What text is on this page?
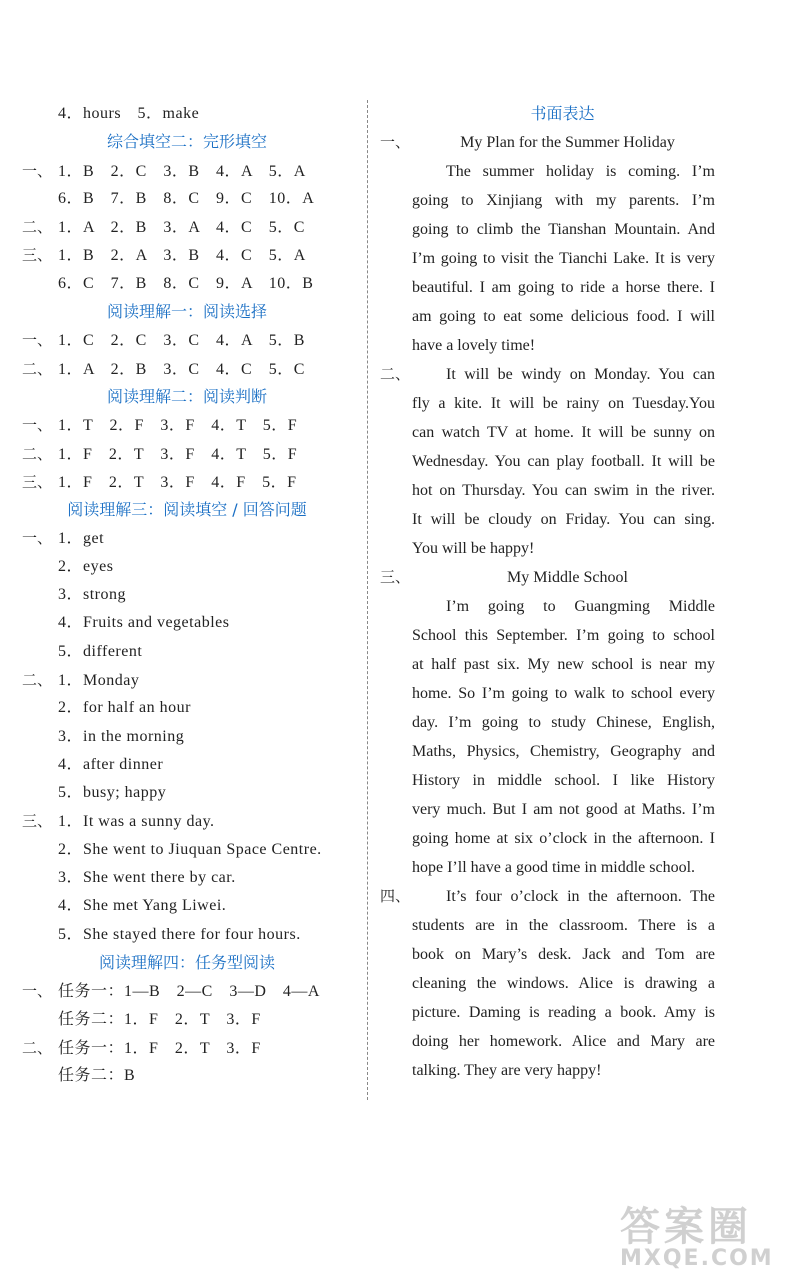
4．hours　5．make
综合填空二：完形填空
一、 1．B　2．C　3．B　4．A　5．A
6．B　7．B　8．C　9．C　10．A
二、 1．A　2．B　3．A　4．C　5．C
三、 1．B　2．A　3．B　4．C　5．A
6．C　7．B　8．C　9．A　10．B
阅读理解一：阅读选择
一、 1．C　2．C　3．C　4．A　5．B
二、 1．A　2．B　3．C　4．C　5．C
阅读理解二：阅读判断
一、 1．T　2．F　3．F　4．T　5．F
二、 1．F　2．T　3．F　4．T　5．F
三、 1．F　2．T　3．F　4．F　5．F
阅读理解三：阅读填空 / 回答问题
一、 1．get
2．eyes
3．strong
4．Fruits and vegetables
5．different
二、 1．Monday
2．for half an hour
3．in the morning
4．after dinner
5．busy; happy
三、 1．It was a sunny day.
2．She went to Jiuquan Space Centre.
3．She went there by car.
4．She met Yang Liwei.
5．She stayed there for four hours.
阅读理解四：任务型阅读
一、 任务一：1—B　2—C　3—D　4—A
任务二：1．F　2．T　3．F
二、 任务一：1．F　2．T　3．F
任务二：B
书面表达
一、	My Plan for the Summer Holiday
The summer holiday is coming. I’m
going to Xinjiang with my parents. I’m
going to climb the Tianshan Mountain. And
I’m going to visit the Tianchi Lake. It is very
beautiful. I am going to ride a horse there. I
am going to eat some delicious food. I will
have a lovely time!
二、	It will be windy on Monday. You can
fly a kite. It will be rainy on Tuesday.You
can watch TV at home. It will be sunny on
Wednesday. You can play football. It will be
hot on Thursday. You can swim in the river.
It will be cloudy on Friday. You can sing.
You will be happy!
三、	My Middle School
I’m going to Guangming Middle
School this September. I’m going to school
at half past six. My new school is near my
home. So I’m going to walk to school every
day. I’m going to study Chinese, English,
Maths, Physics, Chemistry, Geography and
History in middle school. I like History
very much. But I am not good at Maths. I’m
going home at six o’clock in the afternoon. I
hope I’ll have a good time in middle school.
四、	It’s four o’clock in the afternoon. The
students are in the classroom. There is a
book on Mary’s desk. Jack and Tom are
cleaning the windows. Alice is drawing a
picture. Daming is reading a book. Amy is
doing her homework. Alice and Mary are
talking. They are very happy!
答案圈
MXQE.COM
